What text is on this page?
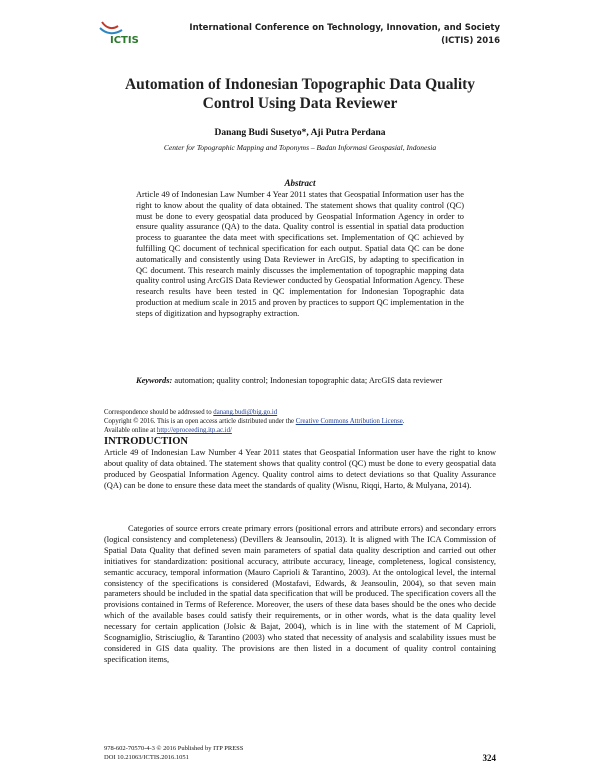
ICTIS
International Conference on Technology, Innovation, and Society
(ICTIS) 2016
Automation of Indonesian Topographic Data Quality
Control Using Data Reviewer
Danang Budi Susetyo*, Aji Putra Perdana
Center for Topographic Mapping and Toponyms – Badan Informasi Geospasial, Indonesia
Abstract
Article 49 of Indonesian Law Number 4 Year 2011 states that Geospatial Information user has the right to know about the quality of data obtained. The statement shows that quality control (QC) must be done to every geospatial data produced by Geospatial Information Agency in order to ensure quality assurance (QA) to the data. Quality control is essential in spatial data production process to guarantee the data meet with specifications set. Implementation of QC achieved by fulfilling QC document of technical specification for each output. Spatial data QC can be done automatically and consistently using Data Reviewer in ArcGIS, by adapting to specification in QC document. This research mainly discusses the implementation of topographic mapping data quality control using ArcGIS Data Reviewer conducted by Geospatial Information Agency. These research results have been tested in QC implementation for Indonesian Topographic data production at medium scale in 2015 and proven by practices to support QC implementation in the steps of digitization and hypsography extraction.
Keywords: automation; quality control; Indonesian topographic data; ArcGIS data reviewer
Correspondence should be addressed to danang.budi@big.go.id
Copyright © 2016. This is an open access article distributed under the Creative Commons Attribution License.
Available online at http://eproceeding.itp.ac.id/
INTRODUCTION
Article 49 of Indonesian Law Number 4 Year 2011 states that Geospatial Information user have the right to know about quality of data obtained. The statement shows that quality control (QC) must be done to every geospatial data produced by Geospatial Information Agency. Quality control aims to detect deviations so that Quality Assurance (QA) can be done to ensure these data meet the standards of quality (Wisnu, Riqqi, Harto, & Mulyana, 2014).
Categories of source errors create primary errors (positional errors and attribute errors) and secondary errors (logical consistency and completeness) (Devillers & Jeansoulin, 2013). It is aligned with The ICA Commission of Spatial Data Quality that defined seven main parameters of spatial data quality description and carried out other initiatives for standardization: positional accuracy, attribute accuracy, lineage, completeness, logical consistency, semantic accuracy, temporal information (Mauro Caprioli & Tarantino, 2003). At the ontological level, the internal consistency of the specifications is considered (Mostafavi, Edwards, & Jeansoulin, 2004), so that seven main parameters should be included in the spatial data specification that will be produced. The specification covers all the provisions contained in Terms of Reference. Moreover, the users of these data bases should be the ones who decide which of the available bases could satisfy their requirements, or in other words, what is the data quality level necessary for certain application (Jolsic & Bajat, 2004), which is in line with the statement of M Caprioli, Scognamiglio, Strisciuglio, & Tarantino (2003) who stated that necessity of analysis and scalability issues must be considered in GIS data quality. The provisions are then listed in a document of quality control containing specification items,
978-602-70570-4-3 © 2016 Published by ITP PRESS
DOI 10.21063/ICTIS.2016.1051	324
